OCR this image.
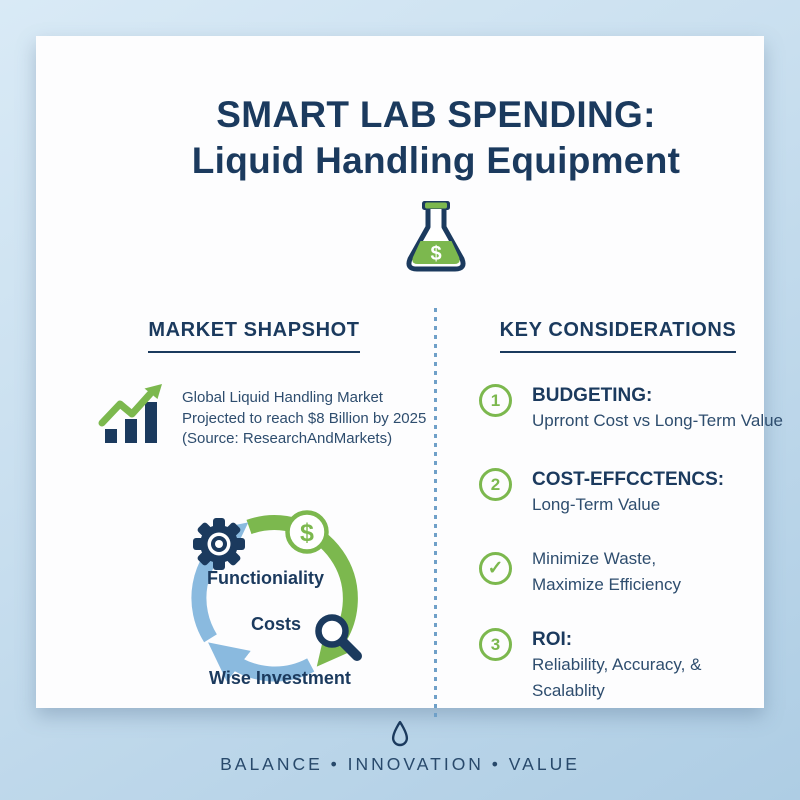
SMART LAB SPENDING:
Liquid Handling Equipment
$
MARKET SHAPSHOT	KEY CONSIDERATIONS
Global Liquid Handling Market
Projected to reach $8 Billion by 2025
(Source: ResearchAndMarkets)
$
Functioniality
Costs
Wise Investment
1	BUDGETING:
Uprront Cost vs Long-Term Value
2	COST-EFFCCTENCS:
Long-Term Value
✓	Minimize Waste,
Maximize Efficiency
3	ROI:
Reliability, Accuracy, &
Scalablity
BALANCE • INNOVATION • VALUE
